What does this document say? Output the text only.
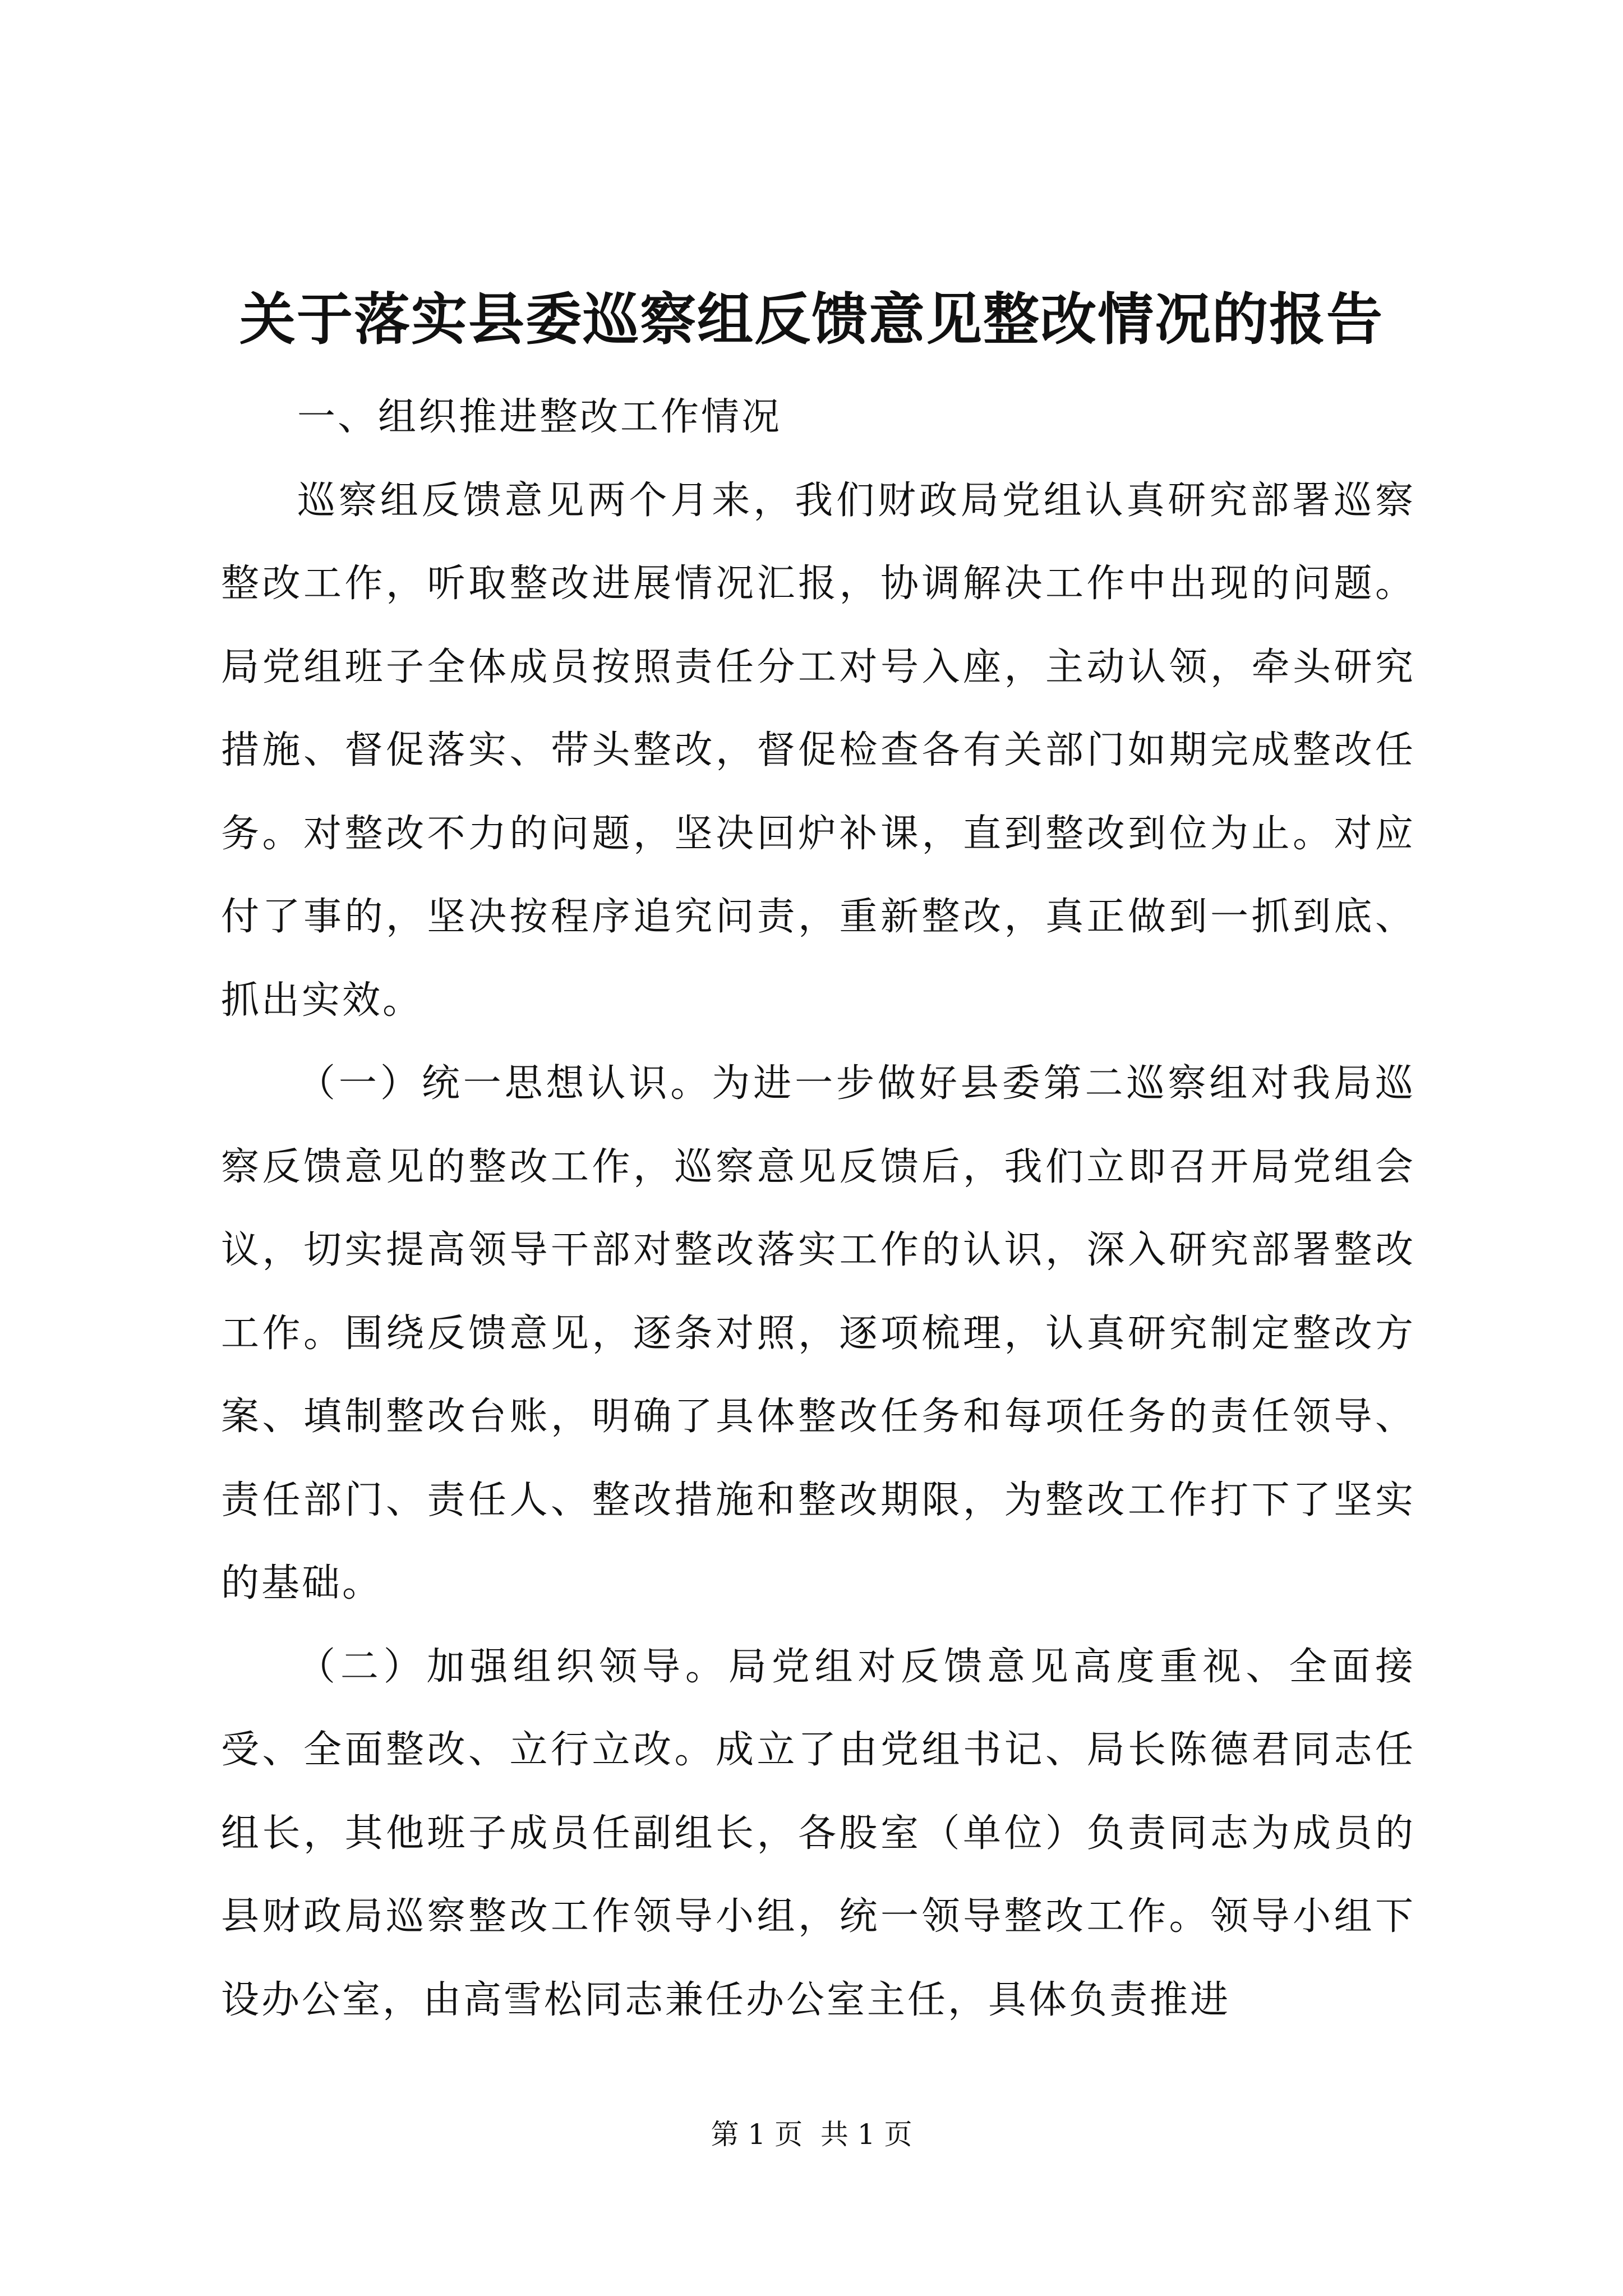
关于落实县委巡察组反馈意见整改情况的报告

一、组织推进整改工作情况

巡察组反馈意见两个月来，我们财政局党组认真研究部署巡察整改工作，听取整改进展情况汇报，协调解决工作中出现的问题。局党组班子全体成员按照责任分工对号入座，主动认领，牵头研究措施、督促落实、带头整改，督促检查各有关部门如期完成整改任务。对整改不力的问题，坚决回炉补课，直到整改到位为止。对应付了事的，坚决按程序追究问责，重新整改，真正做到一抓到底、抓出实效。

（一）统一思想认识。为进一步做好县委第二巡察组对我局巡察反馈意见的整改工作，巡察意见反馈后，我们立即召开局党组会议，切实提高领导干部对整改落实工作的认识，深入研究部署整改工作。围绕反馈意见，逐条对照，逐项梳理，认真研究制定整改方案、填制整改台账，明确了具体整改任务和每项任务的责任领导、责任部门、责任人、整改措施和整改期限，为整改工作打下了坚实的基础。

（二）加强组织领导。局党组对反馈意见高度重视、全面接受、全面整改、立行立改。成立了由党组书记、局长陈德君同志任组长，其他班子成员任副组长，各股室（单位）负责同志为成员的县财政局巡察整改工作领导小组，统一领导整改工作。领导小组下设办公室，由高雪松同志兼任办公室主任，具体负责推进

第 1 页  共 1 页
